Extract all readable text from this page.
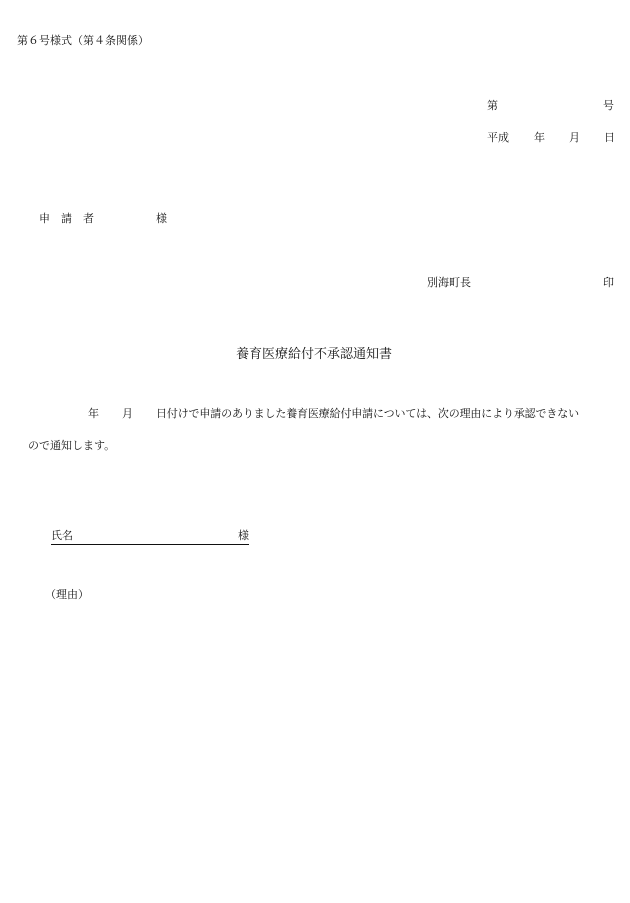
第６号様式（第４条関係）
第	号
平成 年 月 日
申　請　者	様
別海町長	印
養育医療給付不承認通知書
年 月 日付けで申請のありました養育医療給付申請については、次の理由により承認できない
ので通知します。
氏名	様
（理由）
